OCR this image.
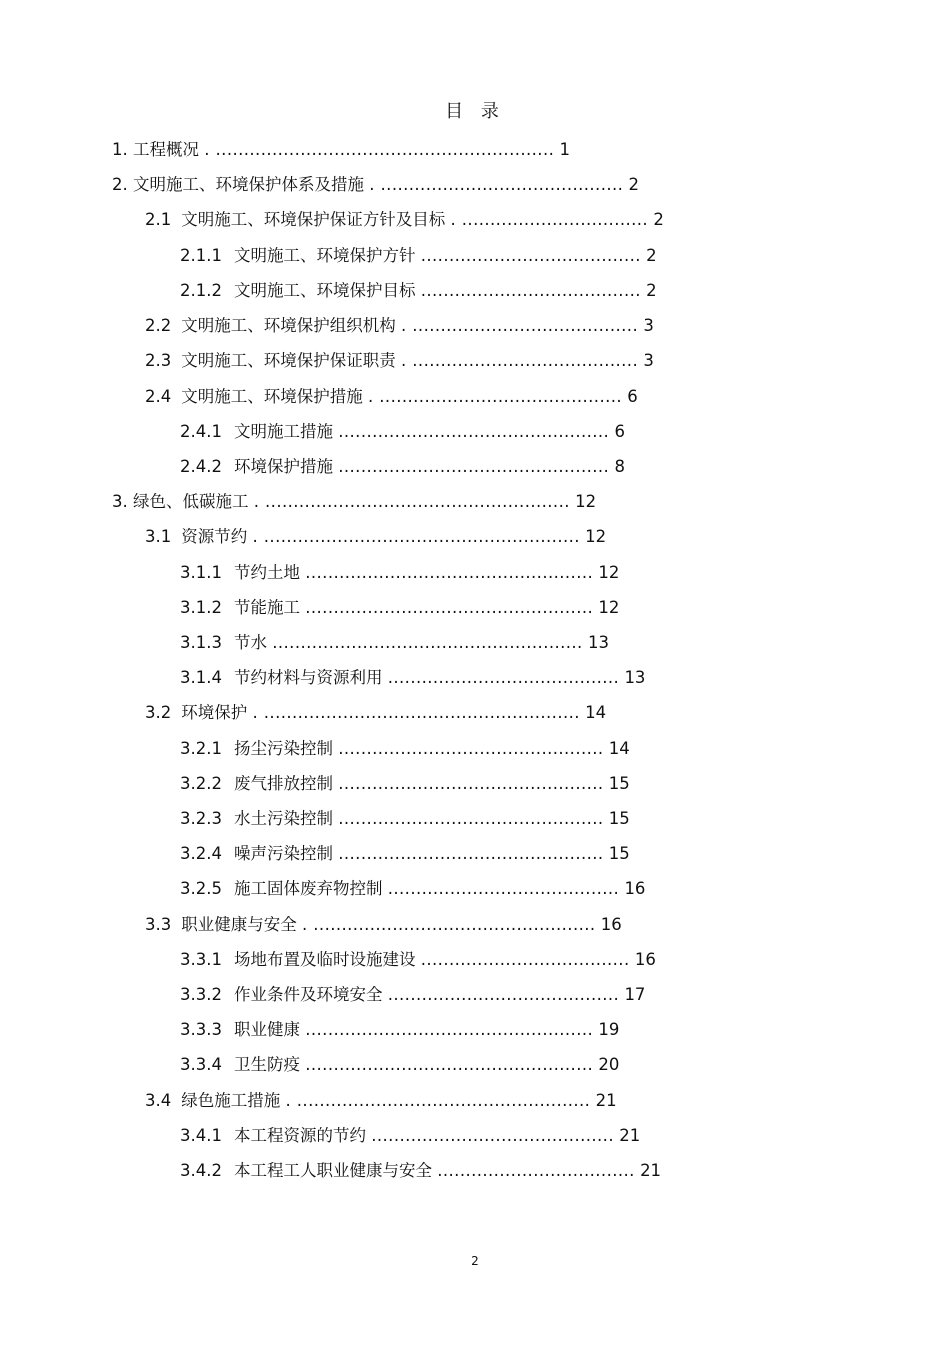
目 录
1. 工程概况 . ............................................................ 1
2. 文明施工、环境保护体系及措施 . ........................................... 2
2.1 文明施工、环境保护保证方针及目标 . ................................. 2
2.1.1 文明施工、环境保护方针 ....................................... 2
2.1.2 文明施工、环境保护目标 ....................................... 2
2.2 文明施工、环境保护组织机构 . ........................................ 3
2.3 文明施工、环境保护保证职责 . ........................................ 3
2.4 文明施工、环境保护措施 . ........................................... 6
2.4.1 文明施工措施 ................................................ 6
2.4.2 环境保护措施 ................................................ 8
3. 绿色、低碳施工 . ...................................................... 12
3.1 资源节约 . ........................................................ 12
3.1.1 节约土地 ................................................... 12
3.1.2 节能施工 ................................................... 12
3.1.3 节水 ....................................................... 13
3.1.4 节约材料与资源利用 ......................................... 13
3.2 环境保护 . ........................................................ 14
3.2.1 扬尘污染控制 ............................................... 14
3.2.2 废气排放控制 ............................................... 15
3.2.3 水土污染控制 ............................................... 15
3.2.4 噪声污染控制 ............................................... 15
3.2.5 施工固体废弃物控制 ......................................... 16
3.3 职业健康与安全 . .................................................. 16
3.3.1 场地布置及临时设施建设 ..................................... 16
3.3.2 作业条件及环境安全 ......................................... 17
3.3.3 职业健康 ................................................... 19
3.3.4 卫生防疫 ................................................... 20
3.4 绿色施工措施 . .................................................... 21
3.4.1 本工程资源的节约 ........................................... 21
3.4.2 本工程工人职业健康与安全 ................................... 21
2
